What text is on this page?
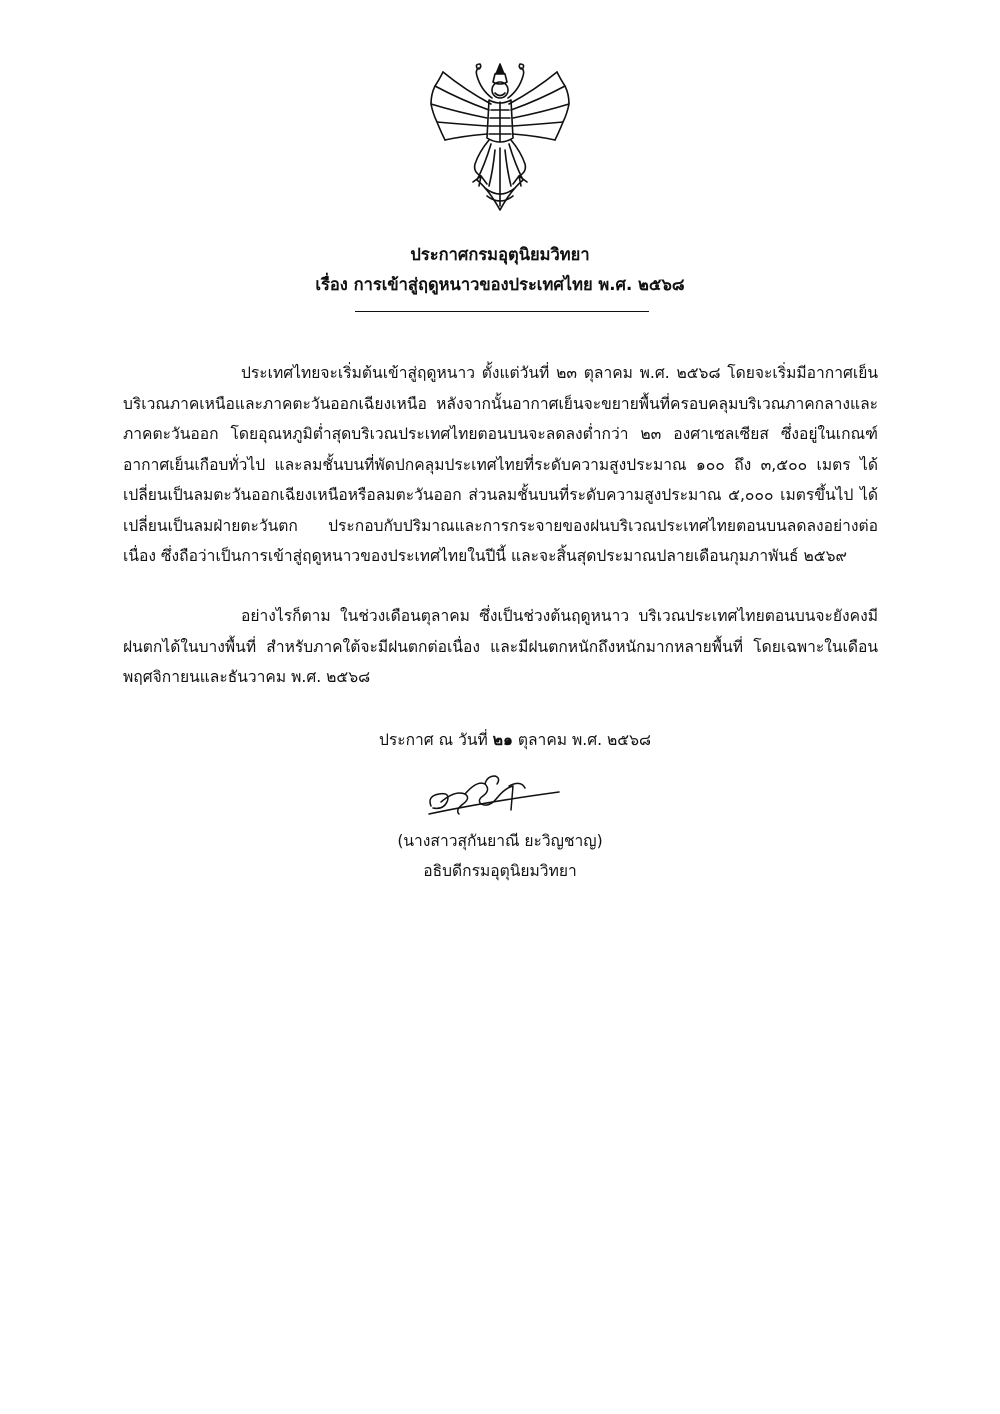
ประกาศกรมอุตุนิยมวิทยา
เรื่อง การเข้าสู่ฤดูหนาวของประเทศไทย พ.ศ. ๒๕๖๘

ประเทศไทยจะเริ่มต้นเข้าสู่ฤดูหนาว ตั้งแต่วันที่ ๒๓ ตุลาคม พ.ศ. ๒๕๖๘ โดยจะเริ่มมีอากาศเย็นบริเวณภาคเหนือและภาคตะวันออกเฉียงเหนือ หลังจากนั้นอากาศเย็นจะขยายพื้นที่ครอบคลุมบริเวณภาคกลางและภาคตะวันออก โดยอุณหภูมิต่ำสุดบริเวณประเทศไทยตอนบนจะลดลงต่ำกว่า ๒๓ องศาเซลเซียส ซึ่งอยู่ในเกณฑ์อากาศเย็นเกือบทั่วไป และลมชั้นบนที่พัดปกคลุมประเทศไทยที่ระดับความสูงประมาณ ๑๐๐ ถึง ๓,๕๐๐ เมตร ได้เปลี่ยนเป็นลมตะวันออกเฉียงเหนือหรือลมตะวันออก ส่วนลมชั้นบนที่ระดับความสูงประมาณ ๕,๐๐๐ เมตรขึ้นไป ได้เปลี่ยนเป็นลมฝ่ายตะวันตก ประกอบกับปริมาณและการกระจายของฝนบริเวณประเทศไทยตอนบนลดลงอย่างต่อเนื่อง ซึ่งถือว่าเป็นการเข้าสู่ฤดูหนาวของประเทศไทยในปีนี้ และจะสิ้นสุดประมาณปลายเดือนกุมภาพันธ์ ๒๕๖๙

อย่างไรก็ตาม ในช่วงเดือนตุลาคม ซึ่งเป็นช่วงต้นฤดูหนาว บริเวณประเทศไทยตอนบนจะยังคงมีฝนตกได้ในบางพื้นที่ สำหรับภาคใต้จะมีฝนตกต่อเนื่อง และมีฝนตกหนักถึงหนักมากหลายพื้นที่ โดยเฉพาะในเดือนพฤศจิกายนและธันวาคม พ.ศ. ๒๕๖๘

ประกาศ ณ วันที่ ๒๑ ตุลาคม พ.ศ. ๒๕๖๘
(นางสาวสุกันยาณี ยะวิญชาญ)
อธิบดีกรมอุตุนิยมวิทยา
